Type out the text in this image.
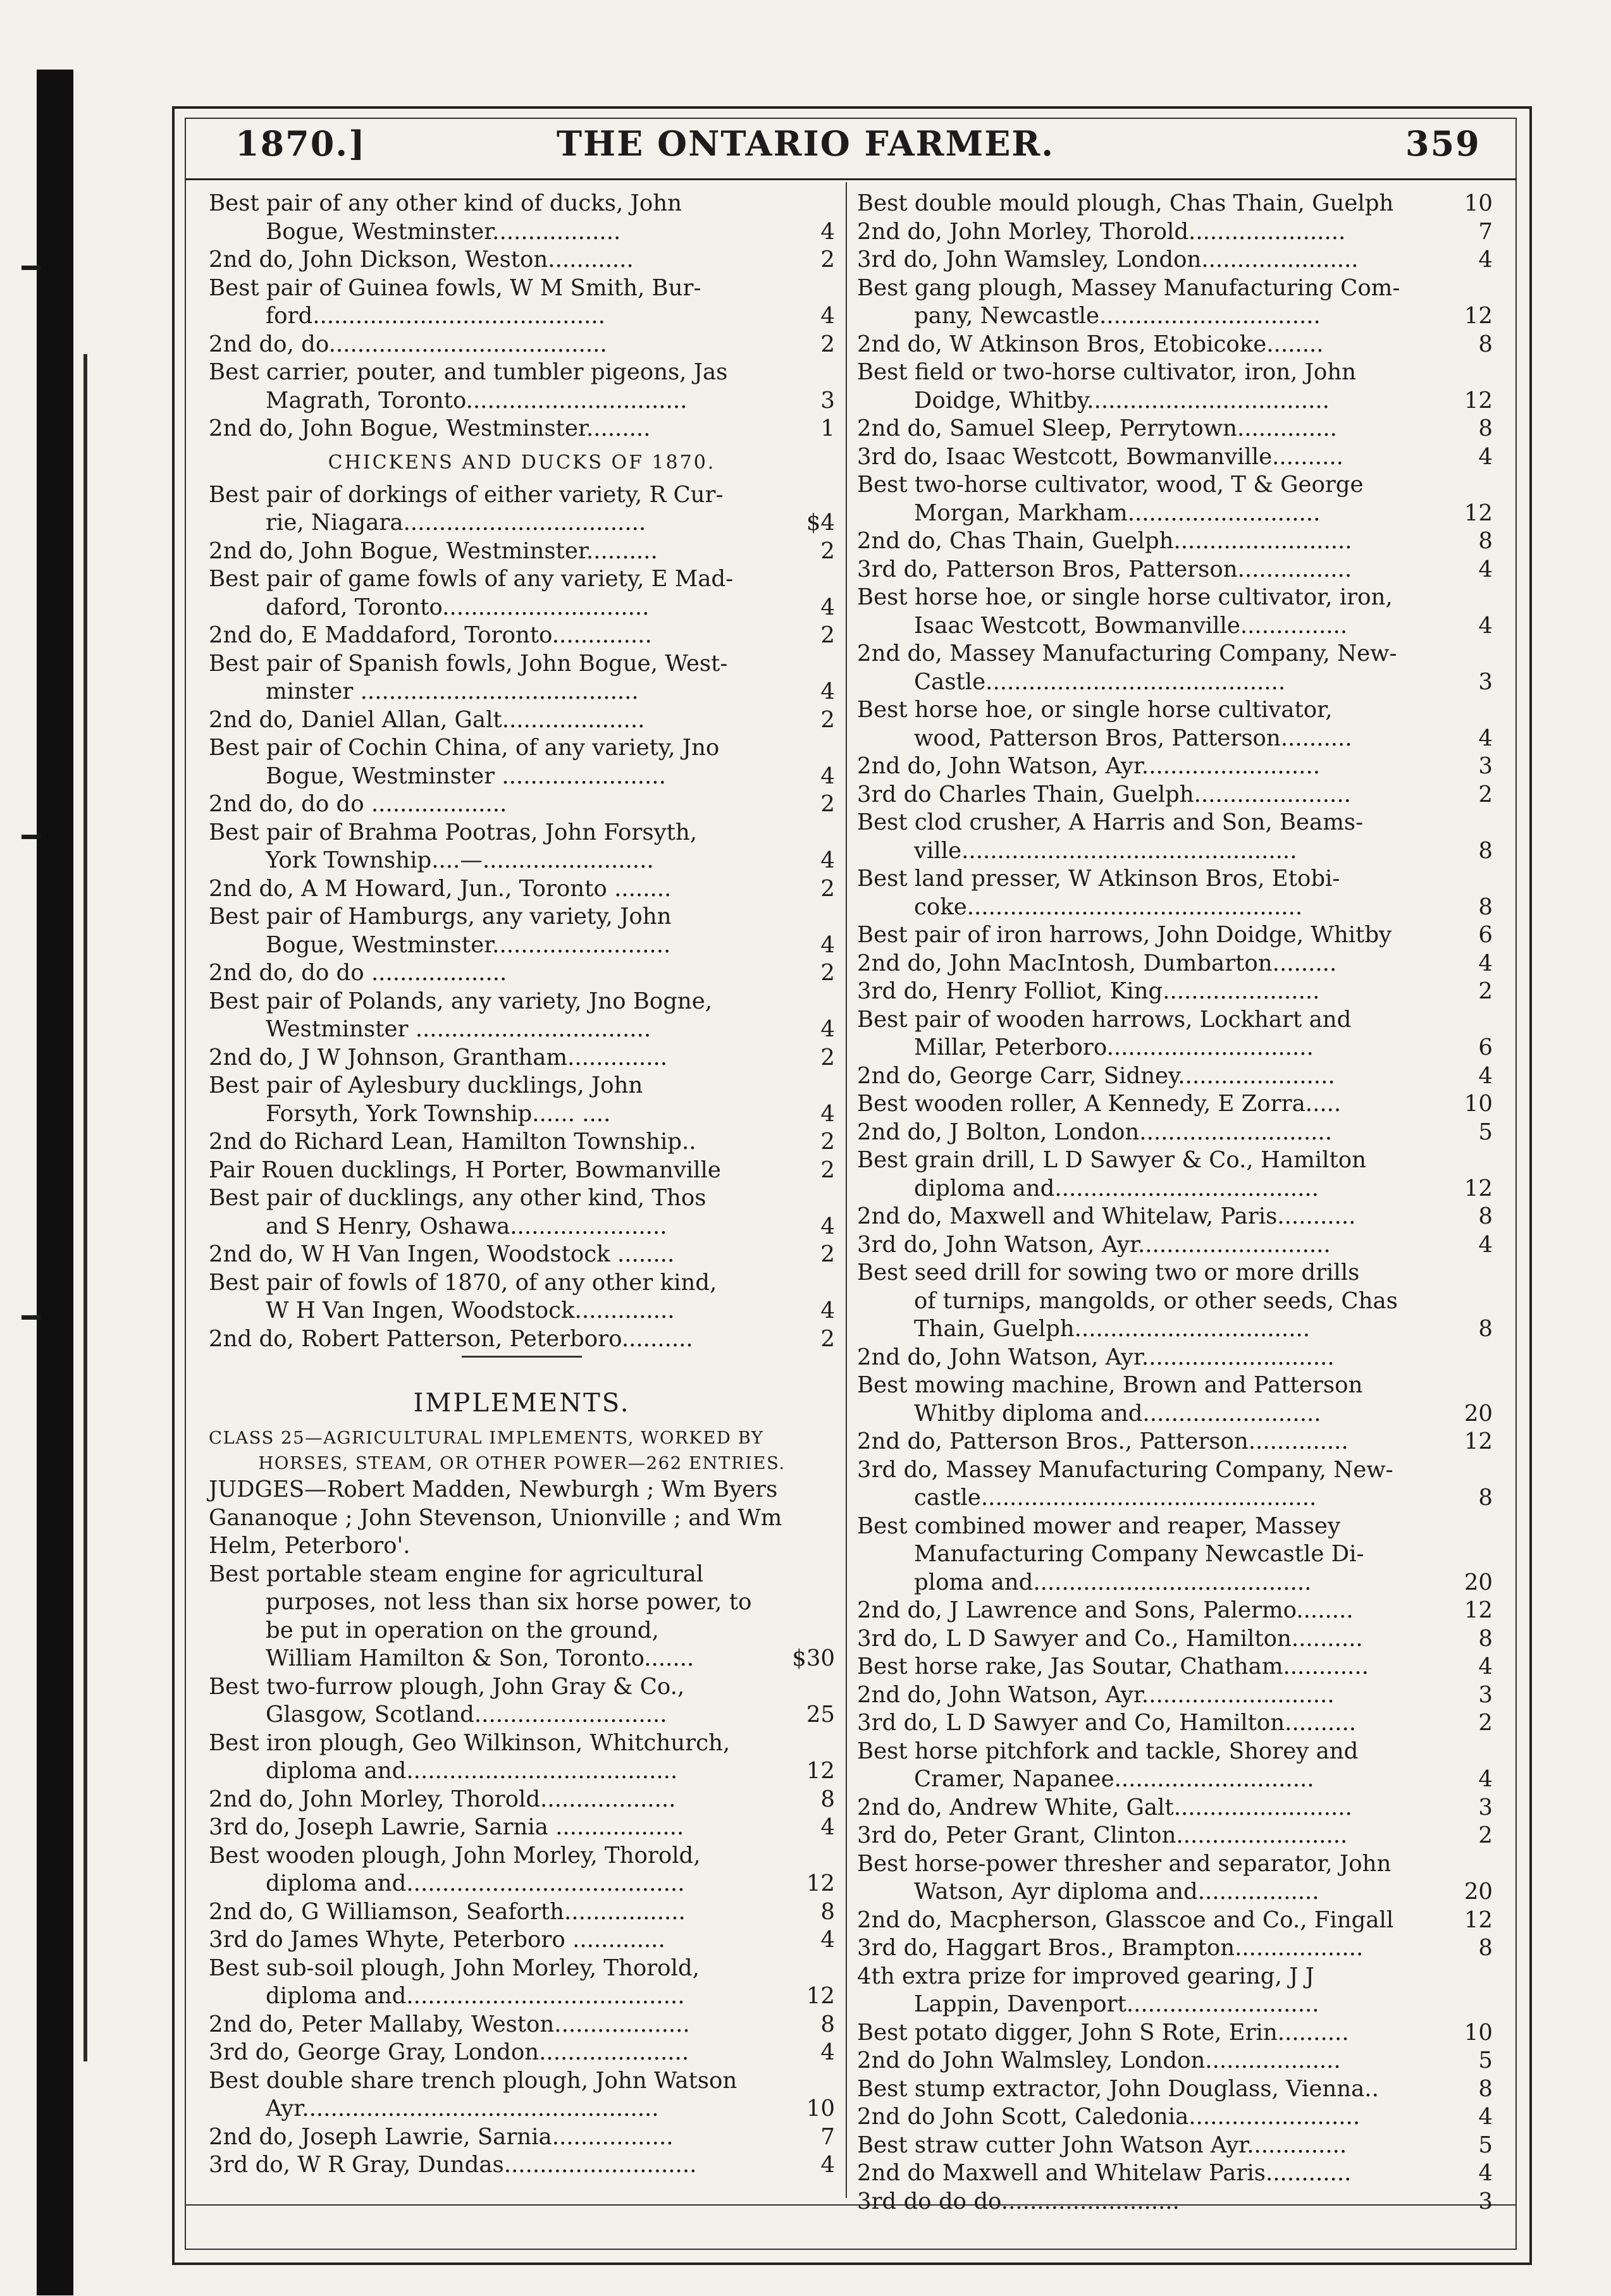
1870.]	THE ONTARIO FARMER.	359
Best pair of any other kind of ducks, John
Bogue, Westminster..................	4
2nd do, John Dickson, Weston............	2
Best pair of Guinea fowls, W M Smith, Bur-
ford.........................................	4
2nd do, do.......................................	2
Best carrier, pouter, and tumbler pigeons, Jas
Magrath, Toronto...............................	3
2nd do, John Bogue, Westminster.........	1
CHICKENS AND DUCKS OF 1870.
Best pair of dorkings of either variety, R Cur-
rie, Niagara..................................	$4
2nd do, John Bogue, Westminster..........	2
Best pair of game fowls of any variety, E Mad-
daford, Toronto.............................	4
2nd do, E Maddaford, Toronto..............	2
Best pair of Spanish fowls, John Bogue, West-
minster .......................................	4
2nd do, Daniel Allan, Galt....................	2
Best pair of Cochin China, of any variety, Jno
Bogue, Westminster .......................	4
2nd do, do do ...................	2
Best pair of Brahma Pootras, John Forsyth,
York Township....—........................	4
2nd do, A M Howard, Jun., Toronto ........	2
Best pair of Hamburgs, any variety, John
Bogue, Westminster.........................	4
2nd do, do do ...................	2
Best pair of Polands, any variety, Jno Bogne,
Westminster .................................	4
2nd do, J W Johnson, Grantham..............	2
Best pair of Aylesbury ducklings, John
Forsyth, York Township...... ....	4
2nd do Richard Lean, Hamilton Township..	2
Pair Rouen ducklings, H Porter, Bowmanville	2
Best pair of ducklings, any other kind, Thos
and S Henry, Oshawa......................	4
2nd do, W H Van Ingen, Woodstock ........	2
Best pair of fowls of 1870, of any other kind,
W H Van Ingen, Woodstock..............	4
2nd do, Robert Patterson, Peterboro..........	2
IMPLEMENTS.
CLASS 25—AGRICULTURAL IMPLEMENTS, WORKED BY
HORSES, STEAM, OR OTHER POWER—262 ENTRIES.
JUDGES—Robert Madden, Newburgh ; Wm Byers
Gananoque ; John Stevenson, Unionville ; and Wm
Helm, Peterboro'.
Best portable steam engine for agricultural
purposes, not less than six horse power, to
be put in operation on the ground,
William Hamilton & Son, Toronto.......	$30
Best two-furrow plough, John Gray & Co.,
Glasgow, Scotland...........................	25
Best iron plough, Geo Wilkinson, Whitchurch,
diploma and......................................	12
2nd do, John Morley, Thorold...................	8
3rd do, Joseph Lawrie, Sarnia ..................	4
Best wooden plough, John Morley, Thorold,
diploma and.......................................	12
2nd do, G Williamson, Seaforth.................	8
3rd do James Whyte, Peterboro .............	4
Best sub-soil plough, John Morley, Thorold,
diploma and.......................................	12
2nd do, Peter Mallaby, Weston...................	8
3rd do, George Gray, London.....................	4
Best double share trench plough, John Watson
Ayr..................................................	10
2nd do, Joseph Lawrie, Sarnia.................	7
3rd do, W R Gray, Dundas...........................	4
Best double mould plough, Chas Thain, Guelph	10
2nd do, John Morley, Thorold......................	7
3rd do, John Wamsley, London......................	4
Best gang plough, Massey Manufacturing Com-
pany, Newcastle...............................	12
2nd do, W Atkinson Bros, Etobicoke........	8
Best field or two-horse cultivator, iron, John
Doidge, Whitby..................................	12
2nd do, Samuel Sleep, Perrytown..............	8
3rd do, Isaac Westcott, Bowmanville..........	4
Best two-horse cultivator, wood, T & George
Morgan, Markham...........................	12
2nd do, Chas Thain, Guelph.........................	8
3rd do, Patterson Bros, Patterson................	4
Best horse hoe, or single horse cultivator, iron,
Isaac Westcott, Bowmanville...............	4
2nd do, Massey Manufacturing Company, New-
Castle..........................................	3
Best horse hoe, or single horse cultivator,
wood, Patterson Bros, Patterson..........	4
2nd do, John Watson, Ayr.........................	3
3rd do Charles Thain, Guelph......................	2
Best clod crusher, A Harris and Son, Beams-
ville...............................................	8
Best land presser, W Atkinson Bros, Etobi-
coke...............................................	8
Best pair of iron harrows, John Doidge, Whitby	6
2nd do, John MacIntosh, Dumbarton.........	4
3rd do, Henry Folliot, King......................	2
Best pair of wooden harrows, Lockhart and
Millar, Peterboro.............................	6
2nd do, George Carr, Sidney......................	4
Best wooden roller, A Kennedy, E Zorra.....	10
2nd do, J Bolton, London...........................	5
Best grain drill, L D Sawyer & Co., Hamilton
diploma and.....................................	12
2nd do, Maxwell and Whitelaw, Paris...........	8
3rd do, John Watson, Ayr...........................	4
Best seed drill for sowing two or more drills
of turnips, mangolds, or other seeds, Chas
Thain, Guelph.................................	8
2nd do, John Watson, Ayr...........................
Best mowing machine, Brown and Patterson
Whitby diploma and.........................	20
2nd do, Patterson Bros., Patterson..............	12
3rd do, Massey Manufacturing Company, New-
castle...............................................	8
Best combined mower and reaper, Massey
Manufacturing Company Newcastle Di-
ploma and.......................................	20
2nd do, J Lawrence and Sons, Palermo........	12
3rd do, L D Sawyer and Co., Hamilton..........	8
Best horse rake, Jas Soutar, Chatham............	4
2nd do, John Watson, Ayr...........................	3
3rd do, L D Sawyer and Co, Hamilton..........	2
Best horse pitchfork and tackle, Shorey and
Cramer, Napanee............................	4
2nd do, Andrew White, Galt.........................	3
3rd do, Peter Grant, Clinton........................	2
Best horse-power thresher and separator, John
Watson, Ayr diploma and.................	20
2nd do, Macpherson, Glasscoe and Co., Fingall	12
3rd do, Haggart Bros., Brampton..................	8
4th extra prize for improved gearing, J J
Lappin, Davenport...........................
Best potato digger, John S Rote, Erin..........	10
2nd do John Walmsley, London...................	5
Best stump extractor, John Douglass, Vienna..	8
2nd do John Scott, Caledonia........................	4
Best straw cutter John Watson Ayr..............	5
2nd do Maxwell and Whitelaw Paris............	4
3rd do do do.........................	3
